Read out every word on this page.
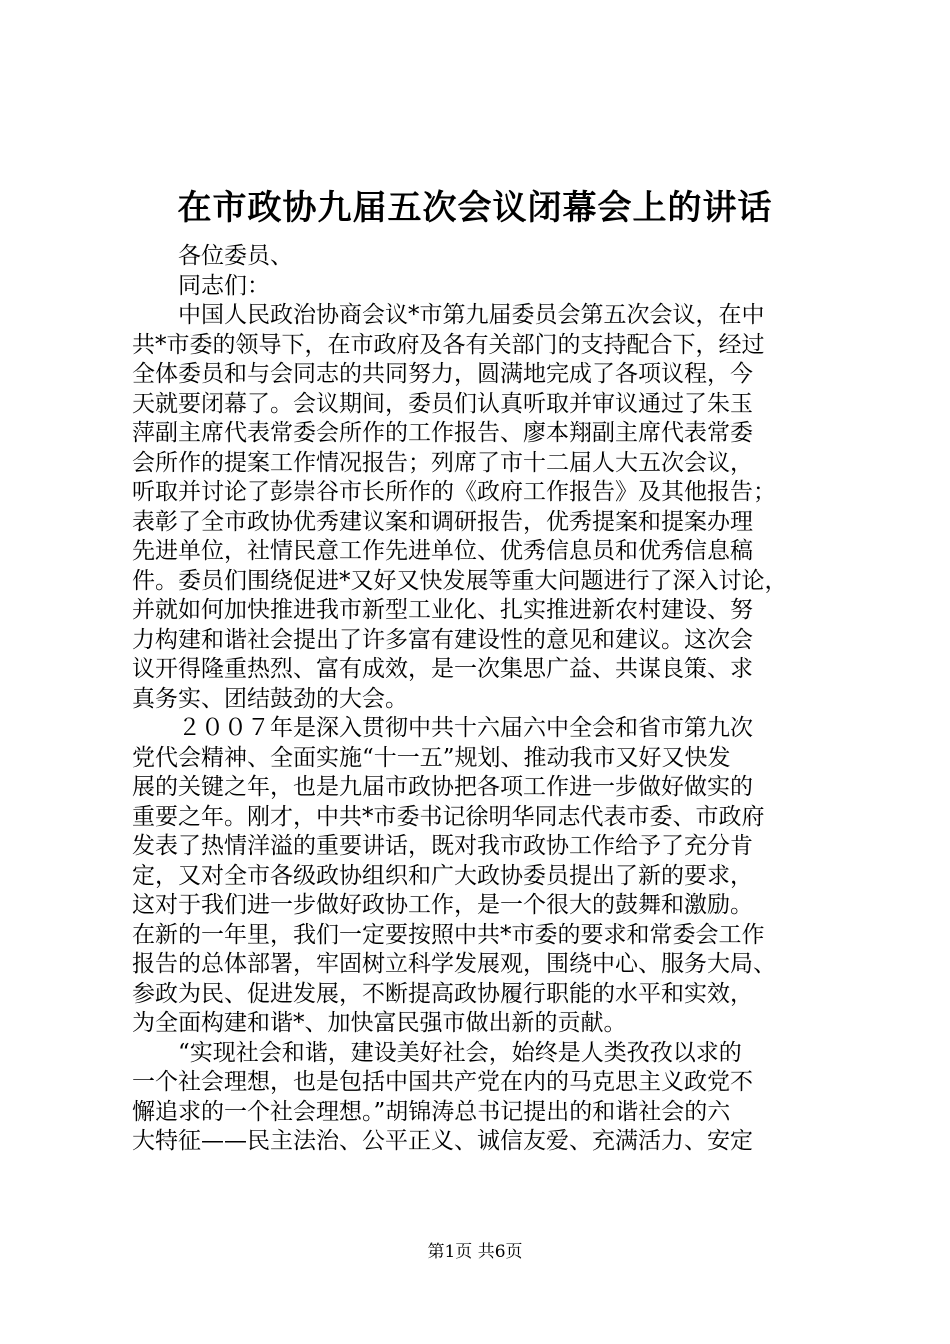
在市政协九届五次会议闭幕会上的讲话
各位委员、
同志们：
中国人民政治协商会议*市第九届委员会第五次会议，在中
共*市委的领导下，在市政府及各有关部门的支持配合下，经过
全体委员和与会同志的共同努力，圆满地完成了各项议程，今
天就要闭幕了。会议期间，委员们认真听取并审议通过了朱玉
萍副主席代表常委会所作的工作报告、廖本翔副主席代表常委
会所作的提案工作情况报告；列席了市十二届人大五次会议，
听取并讨论了彭崇谷市长所作的《政府工作报告》及其他报告；
表彰了全市政协优秀建议案和调研报告，优秀提案和提案办理
先进单位，社情民意工作先进单位、优秀信息员和优秀信息稿
件。委员们围绕促进*又好又快发展等重大问题进行了深入讨论，
并就如何加快推进我市新型工业化、扎实推进新农村建设、努
力构建和谐社会提出了许多富有建设性的意见和建议。这次会
议开得隆重热烈、富有成效，是一次集思广益、共谋良策、求
真务实、团结鼓劲的大会。
２００７年是深入贯彻中共十六届六中全会和省市第九次
党代会精神、全面实施“十一五”规划、推动我市又好又快发
展的关键之年，也是九届市政协把各项工作进一步做好做实的
重要之年。刚才，中共*市委书记徐明华同志代表市委、市政府
发表了热情洋溢的重要讲话，既对我市政协工作给予了充分肯
定，又对全市各级政协组织和广大政协委员提出了新的要求，
这对于我们进一步做好政协工作，是一个很大的鼓舞和激励。
在新的一年里，我们一定要按照中共*市委的要求和常委会工作
报告的总体部署，牢固树立科学发展观，围绕中心、服务大局、
参政为民、促进发展，不断提高政协履行职能的水平和实效，
为全面构建和谐*、加快富民强市做出新的贡献。
“实现社会和谐，建设美好社会，始终是人类孜孜以求的
一个社会理想，也是包括中国共产党在内的马克思主义政党不
懈追求的一个社会理想。”胡锦涛总书记提出的和谐社会的六
大特征——民主法治、公平正义、诚信友爱、充满活力、安定
第1页 共6页
